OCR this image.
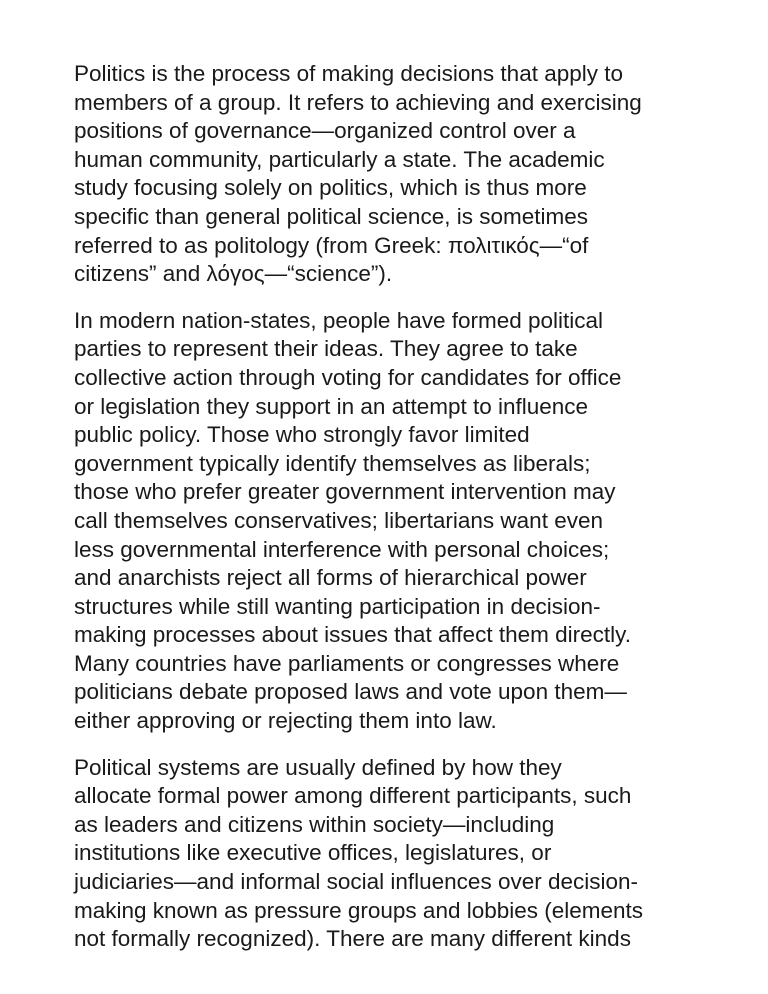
Politics is the process of making decisions that apply to
members of a group. It refers to achieving and exercising
positions of governance—organized control over a
human community, particularly a state. The academic
study focusing solely on politics, which is thus more
specific than general political science, is sometimes
referred to as politology (from Greek: πολιτικός—“of
citizens” and λόγος—“science”).

In modern nation-states, people have formed political
parties to represent their ideas. They agree to take
collective action through voting for candidates for office
or legislation they support in an attempt to influence
public policy. Those who strongly favor limited
government typically identify themselves as liberals;
those who prefer greater government intervention may
call themselves conservatives; libertarians want even
less governmental interference with personal choices;
and anarchists reject all forms of hierarchical power
structures while still wanting participation in decision-
making processes about issues that affect them directly.
Many countries have parliaments or congresses where
politicians debate proposed laws and vote upon them—
either approving or rejecting them into law.

Political systems are usually defined by how they
allocate formal power among different participants, such
as leaders and citizens within society—including
institutions like executive offices, legislatures, or
judiciaries—and informal social influences over decision-
making known as pressure groups and lobbies (elements
not formally recognized). There are many different kinds
